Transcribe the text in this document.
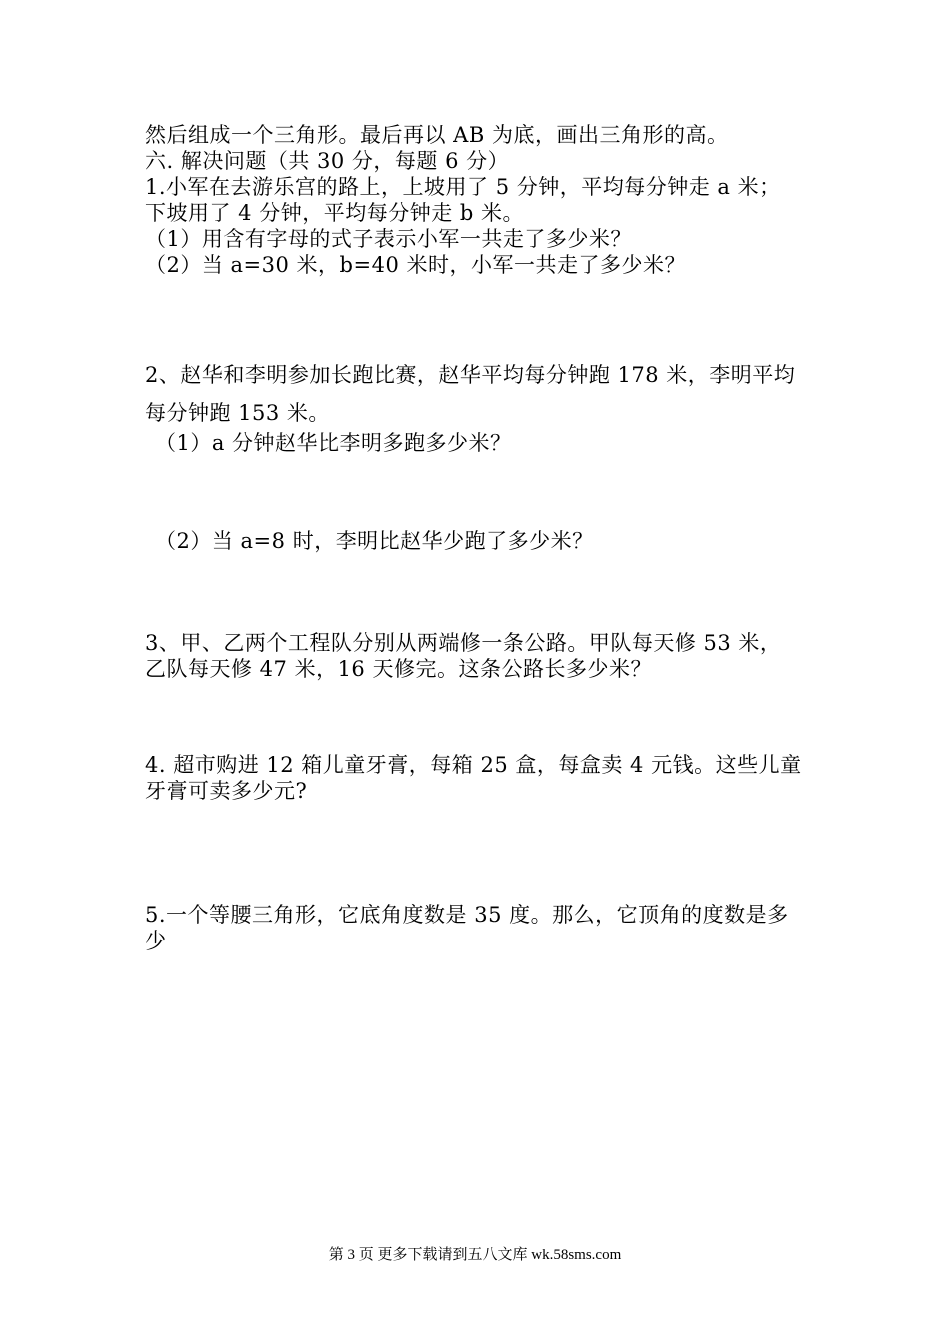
然后组成一个三角形。最后再以 AB 为底，画出三角形的高。
六. 解决问题（共 30 分，每题 6 分）
1.小军在去游乐宫的路上，上坡用了 5 分钟，平均每分钟走 a 米；
下坡用了 4 分钟，平均每分钟走 b 米。
（1）用含有字母的式子表示小军一共走了多少米？
（2）当 a=30 米，b=40 米时，小军一共走了多少米？
2、赵华和李明参加长跑比赛，赵华平均每分钟跑 178 米，李明平均
每分钟跑 153 米。
（1）a 分钟赵华比李明多跑多少米？
（2）当 a=8 时，李明比赵华少跑了多少米？
3、甲、乙两个工程队分别从两端修一条公路。甲队每天修 53 米，
乙队每天修 47 米，16 天修完。这条公路长多少米？
4. 超市购进 12 箱儿童牙膏，每箱 25 盒，每盒卖 4 元钱。这些儿童
牙膏可卖多少元?
5.一个等腰三角形，它底角度数是 35 度。那么，它顶角的度数是多
少
第 3 页 更多下载请到五八文库 wk.58sms.com
